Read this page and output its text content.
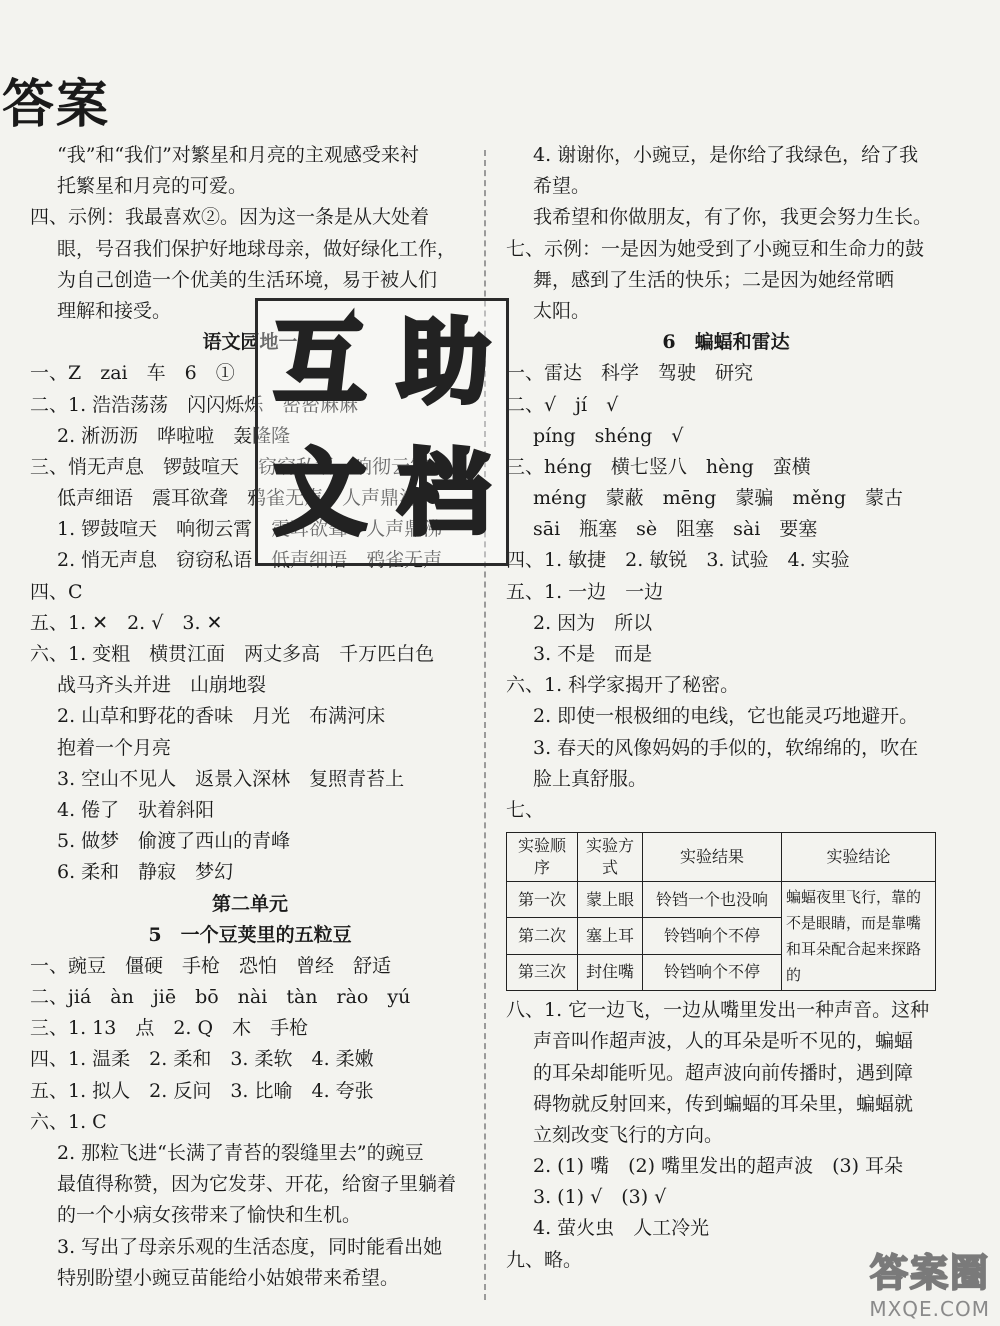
答案
“我”和“我们”对繁星和月亮的主观感受来衬
托繁星和月亮的可爱。
四、示例：我最喜欢②。因为这一条是从大处着
眼，号召我们保护好地球母亲，做好绿化工作，
为自己创造一个优美的生活环境，易于被人们
理解和接受。
语文园地一
一、Z　zai　车　6　①
二、1. 浩浩荡荡　闪闪烁烁　密密麻麻
2. 淅沥沥　哗啦啦　轰隆隆
三、悄无声息　锣鼓喧天　窃窃私语　响彻云霄
低声细语　震耳欲聋　鸦雀无声　人声鼎沸
1. 锣鼓喧天　响彻云霄　震耳欲聋　人声鼎沸
2. 悄无声息　窃窃私语　低声细语　鸦雀无声
四、C
五、1. ✕　2. √　3. ✕
六、1. 变粗　横贯江面　两丈多高　千万匹白色
战马齐头并进　山崩地裂
2. 山草和野花的香味　月光　布满河床
抱着一个月亮
3. 空山不见人　返景入深林　复照青苔上
4. 倦了　驮着斜阳
5. 做梦　偷渡了西山的青峰
6. 柔和　静寂　梦幻
第二单元
5　一个豆荚里的五粒豆
一、豌豆　僵硬　手枪　恐怕　曾经　舒适
二、jiá　àn　jiē　bō　nài　tàn　rào　yú
三、1. 13　点　2. Q　木　手枪
四、1. 温柔　2. 柔和　3. 柔软　4. 柔嫩
五、1. 拟人　2. 反问　3. 比喻　4. 夸张
六、1. C
2. 那粒飞进“长满了青苔的裂缝里去”的豌豆
最值得称赞，因为它发芽、开花，给窗子里躺着
的一个小病女孩带来了愉快和生机。
3. 写出了母亲乐观的生活态度，同时能看出她
特别盼望小豌豆苗能给小姑娘带来希望。
4. 谢谢你，小豌豆，是你给了我绿色，给了我
希望。
我希望和你做朋友，有了你，我更会努力生长。
七、示例：一是因为她受到了小豌豆和生命力的鼓
舞，感到了生活的快乐；二是因为她经常晒
太阳。
6　蝙蝠和雷达
一、雷达　科学　驾驶　研究
二、√　jí　√
píng　shéng　√
三、héng　横七竖八　hèng　蛮横
méng　蒙蔽　mēng　蒙骗　měng　蒙古
sāi　瓶塞　sè　阻塞　sài　要塞
四、1. 敏捷　2. 敏锐　3. 试验　4. 实验
五、1. 一边　一边
2. 因为　所以
3. 不是　而是
六、1. 科学家揭开了秘密。
2. 即使一根极细的电线，它也能灵巧地避开。
3. 春天的风像妈妈的手似的，软绵绵的，吹在
脸上真舒服。
七、
实验顺序	实验方式	实验结果	实验结论
第一次	蒙上眼	铃铛一个也没响	蝙蝠夜里飞行，靠的不是眼睛，而是靠嘴和耳朵配合起来探路的
第二次	塞上耳	铃铛响个不停	
第三次	封住嘴	铃铛响个不停	
八、1. 它一边飞，一边从嘴里发出一种声音。这种
声音叫作超声波，人的耳朵是听不见的，蝙蝠
的耳朵却能听见。超声波向前传播时，遇到障
碍物就反射回来，传到蝙蝠的耳朵里，蝙蝠就
立刻改变飞行的方向。
2. (1) 嘴　(2) 嘴里发出的超声波　(3) 耳朵
3. (1) √　(3) √
4. 萤火虫　人工冷光
九、略。
互 助
文 档
答案圈
MXQE.COM
